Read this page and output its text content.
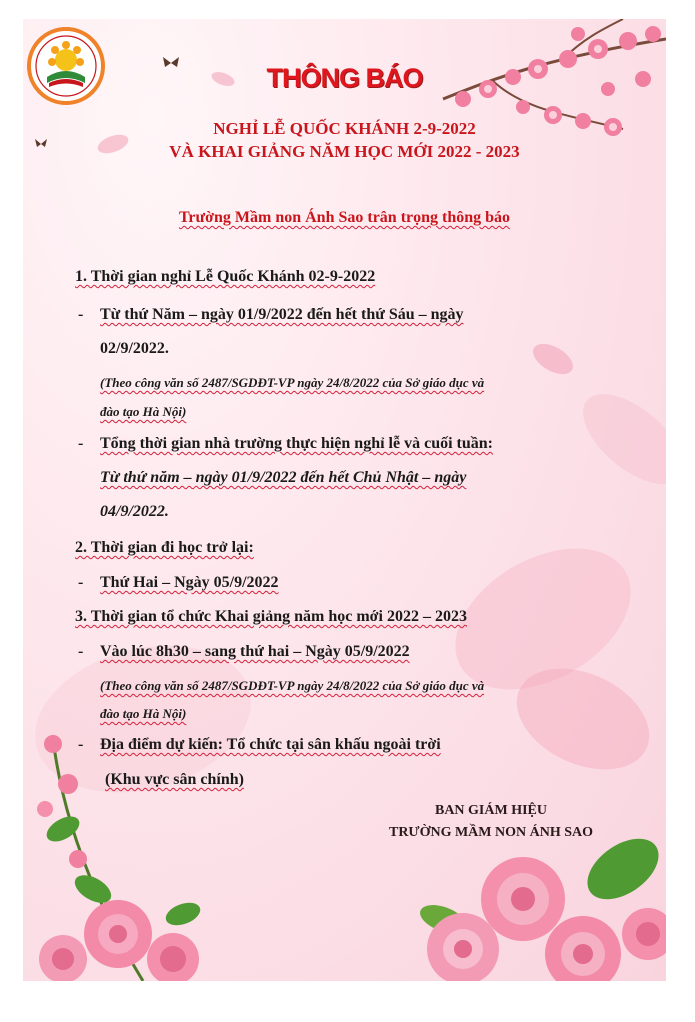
THÔNG BÁO
NGHỈ LỄ QUỐC KHÁNH 2-9-2022
VÀ KHAI GIẢNG NĂM HỌC MỚI 2022 - 2023
Trường Mầm non Ánh Sao trân trọng thông báo
1. Thời gian nghỉ Lễ Quốc Khánh 02-9-2022
- Từ thứ Năm – ngày 01/9/2022 đến hết thứ Sáu – ngày
02/9/2022.
(Theo công văn số 2487/SGDĐT-VP ngày 24/8/2022 của Sở giáo dục và
đào tạo Hà Nội)
- Tổng thời gian nhà trường thực hiện nghỉ lễ và cuối tuần:
Từ thứ năm – ngày 01/9/2022 đến hết Chủ Nhật – ngày
04/9/2022.
2. Thời gian đi học trở lại:
- Thứ Hai – Ngày 05/9/2022
3. Thời gian tổ chức Khai giảng năm học mới 2022 – 2023
- Vào lúc 8h30 – sang thứ hai – Ngày 05/9/2022
(Theo công văn số 2487/SGDĐT-VP ngày 24/8/2022 của Sở giáo dục và
đào tạo Hà Nội)
- Địa điểm dự kiến: Tổ chức tại sân khấu ngoài trời
(Khu vực sân chính)
BAN GIÁM HIỆU
TRƯỜNG MẦM NON ÁNH SAO
